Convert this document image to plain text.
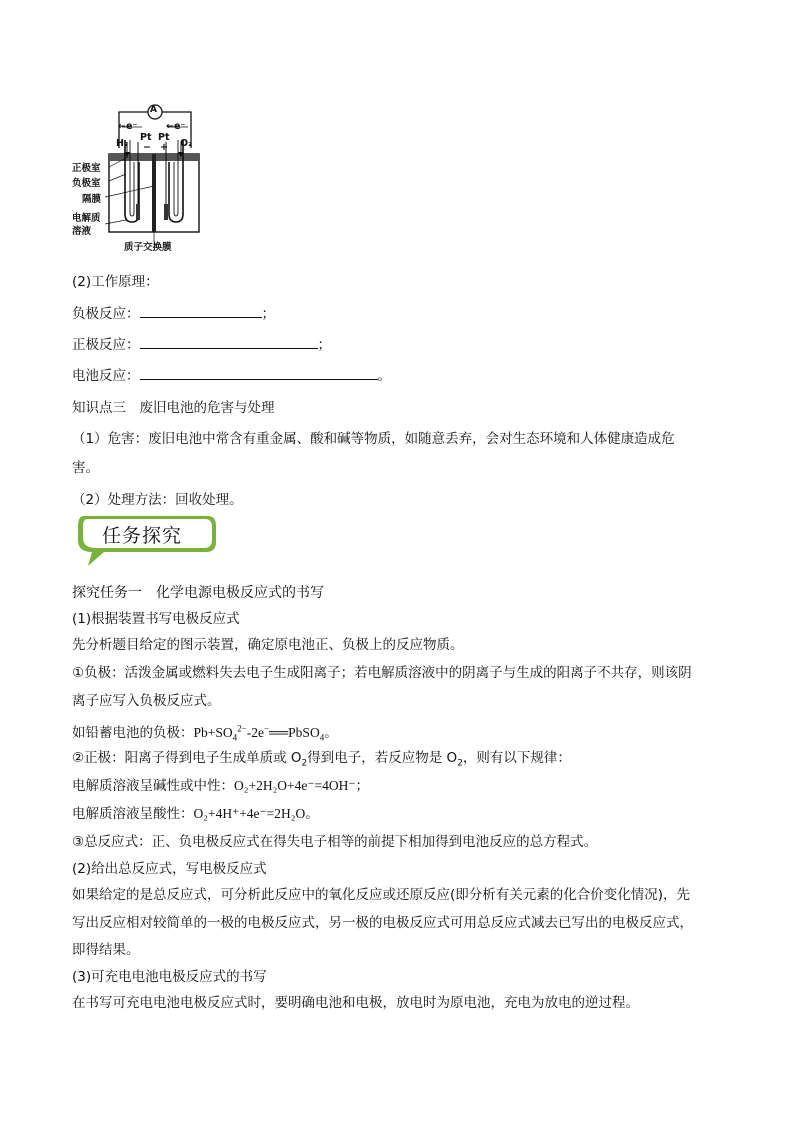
A
←e⁻	←e⁻
Pt Pt
− +
H₂	O₂
正极室
负极室
隔膜
电解质
溶液
质子交换膜
(2)工作原理：
负极反应：	；
正极反应：	；
电池反应：	。
知识点三　废旧电池的危害与处理
（1）危害：废旧电池中常含有重金属、酸和碱等物质，如随意丢弃，会对生态环境和人体健康造成危
害。
（2）处理方法：回收处理。
任务探究
探究任务一　化学电源电极反应式的书写
(1)根据装置书写电极反应式
先分析题目给定的图示装置，确定原电池正、负极上的反应物质。
①负极：活泼金属或燃料失去电子生成阳离子；若电解质溶液中的阴离子与生成的阳离子不共存，则该阴
离子应写入负极反应式。
如铅蓄电池的负极：$Pb+SO_4^{2-}-2e^-══PbSO_4$。
②正极：阳离子得到电子生成单质或 $O_2$得到电子，若反应物是 $O_2$，则有以下规律：
电解质溶液呈碱性或中性：O₂+2H₂O+4e⁻=4OH⁻；
电解质溶液呈酸性：O₂+4H⁺+4e⁻=2H₂O。
③总反应式：正、负电极反应式在得失电子相等的前提下相加得到电池反应的总方程式。
(2)给出总反应式，写电极反应式
如果给定的是总反应式，可分析此反应中的氧化反应或还原反应(即分析有关元素的化合价变化情况)，先
写出反应相对较简单的一极的电极反应式，另一极的电极反应式可用总反应式减去已写出的电极反应式，
即得结果。
(3)可充电电池电极反应式的书写
在书写可充电电池电极反应式时，要明确电池和电极，放电时为原电池，充电为放电的逆过程。
